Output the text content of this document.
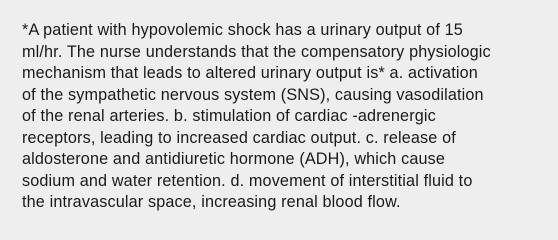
*A patient with hypovolemic shock has a urinary output of 15
ml/hr. The nurse understands that the compensatory physiologic
mechanism that leads to altered urinary output is* a. activation
of the sympathetic nervous system (SNS), causing vasodilation
of the renal arteries. b. stimulation of cardiac -adrenergic
receptors, leading to increased cardiac output. c. release of
aldosterone and antidiuretic hormone (ADH), which cause
sodium and water retention. d. movement of interstitial fluid to
the intravascular space, increasing renal blood flow.
